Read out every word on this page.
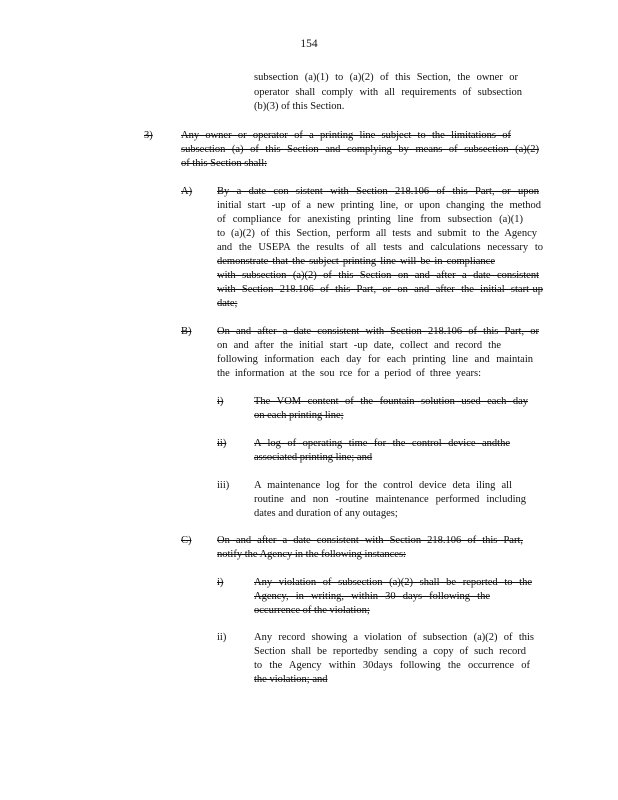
154
subsection (a)(1) to (a)(2) of this Section, the owner or
operator shall comply with all requirements of subsection
(b)(3) of this Section.
3)	Any owner or operator of a printing line subject to the limitations of
subsection (a) of this Section and complying by means of subsection (a)(2)
of this Section shall:
A) By a date con sistent with Section 218.106 of this Part, or upon
initial start -up of a new printing line, or upon changing the method
of compliance for anexisting printing line from subsection (a)(1)
to (a)(2) of this Section, perform all tests and submit to the Agency
and the USEPA the results of all tests and calculations necessary to
demonstrate that the subject printing line will be in compliance
with subsection (a)(2) of this Section on and after a date consistent
with Section 218.106 of this Part, or on and after the initial start-up
date;
B) On and after a date consistent with Section 218.106 of this Part, or
on and after the initial start -up date, collect and record the
following information each day for each printing line and maintain
the information at the sou rce for a period of three years:
i)	The VOM content of the fountain solution used each day
on each printing line;
ii)	A log of operating time for the control device andthe
associated printing line; and
iii) A maintenance log for the control device deta iling all
routine and non -routine maintenance performed including
dates and duration of any outages;
C) On and after a date consistent with Section 218.106 of this Part,
notify the Agency in the following instances:
i)	Any violation of subsection (a)(2) shall be reported to the
Agency, in writing, within 30 days following the
occurrence of the violation;
ii)	Any record showing a violation of subsection (a)(2) of this
Section shall be reportedby sending a copy of such record
to the Agency within 30days following the occurrence of
the violation; and
